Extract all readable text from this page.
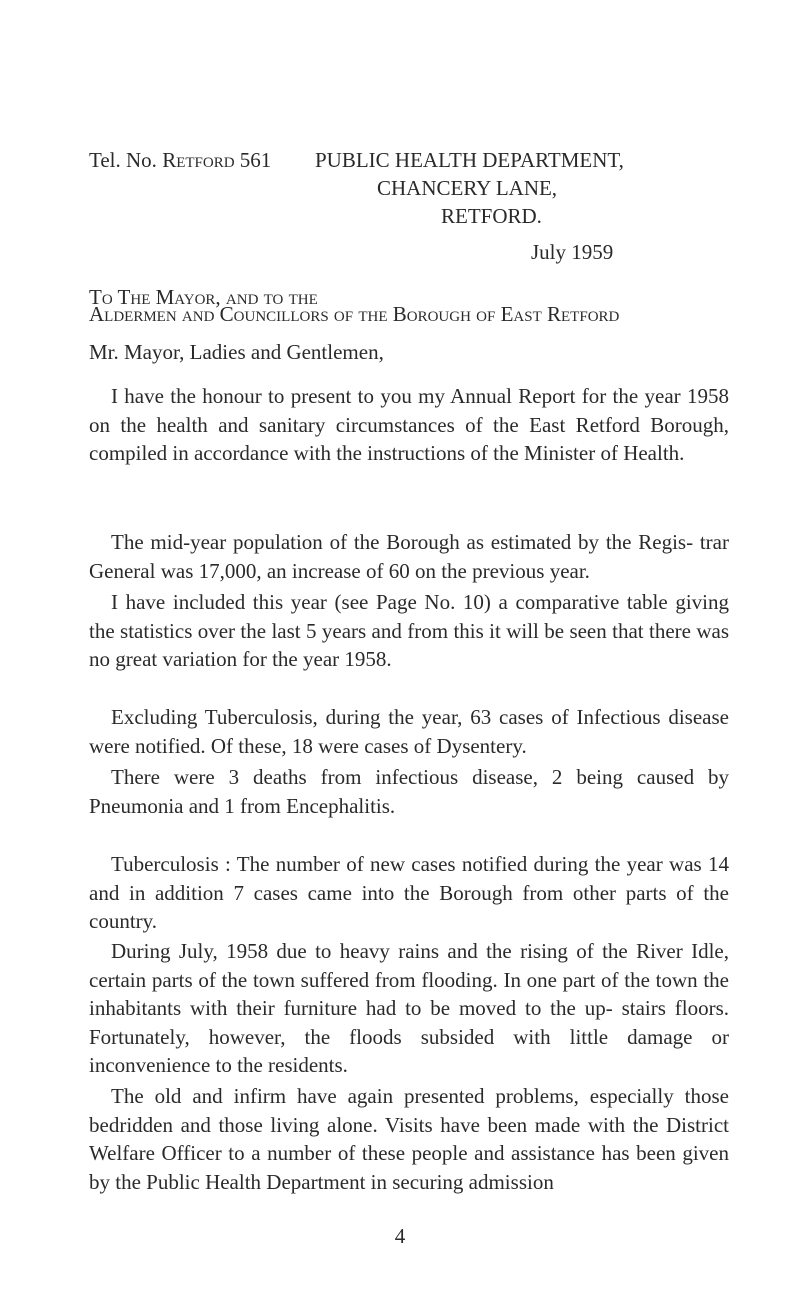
Tel. No. Retford 561 PUBLIC HEALTH DEPARTMENT,
CHANCERY LANE,
RETFORD.
July 1959
To The Mayor, and to the
Aldermen and Councillors of the Borough of East Retford
Mr. Mayor, Ladies and Gentlemen,

I have the honour to present to you my Annual Report for the year 1958 on the health and sanitary circumstances of the East Retford Borough, compiled in accordance with the instructions of the Minister of Health.

The mid-year population of the Borough as estimated by the Regis- trar General was 17,000, an increase of 60 on the previous year.

I have included this year (see Page No. 10) a comparative table giving the statistics over the last 5 years and from this it will be seen that there was no great variation for the year 1958.

Excluding Tuberculosis, during the year, 63 cases of Infectious disease were notified. Of these, 18 were cases of Dysentery.

There were 3 deaths from infectious disease, 2 being caused by Pneumonia and 1 from Encephalitis.

Tuberculosis : The number of new cases notified during the year was 14 and in addition 7 cases came into the Borough from other parts of the country.

During July, 1958 due to heavy rains and the rising of the River Idle, certain parts of the town suffered from flooding. In one part of the town the inhabitants with their furniture had to be moved to the up- stairs floors. Fortunately, however, the floods subsided with little damage or inconvenience to the residents.

The old and infirm have again presented problems, especially those bedridden and those living alone. Visits have been made with the District Welfare Officer to a number of these people and assistance has been given by the Public Health Department in securing admission

4
